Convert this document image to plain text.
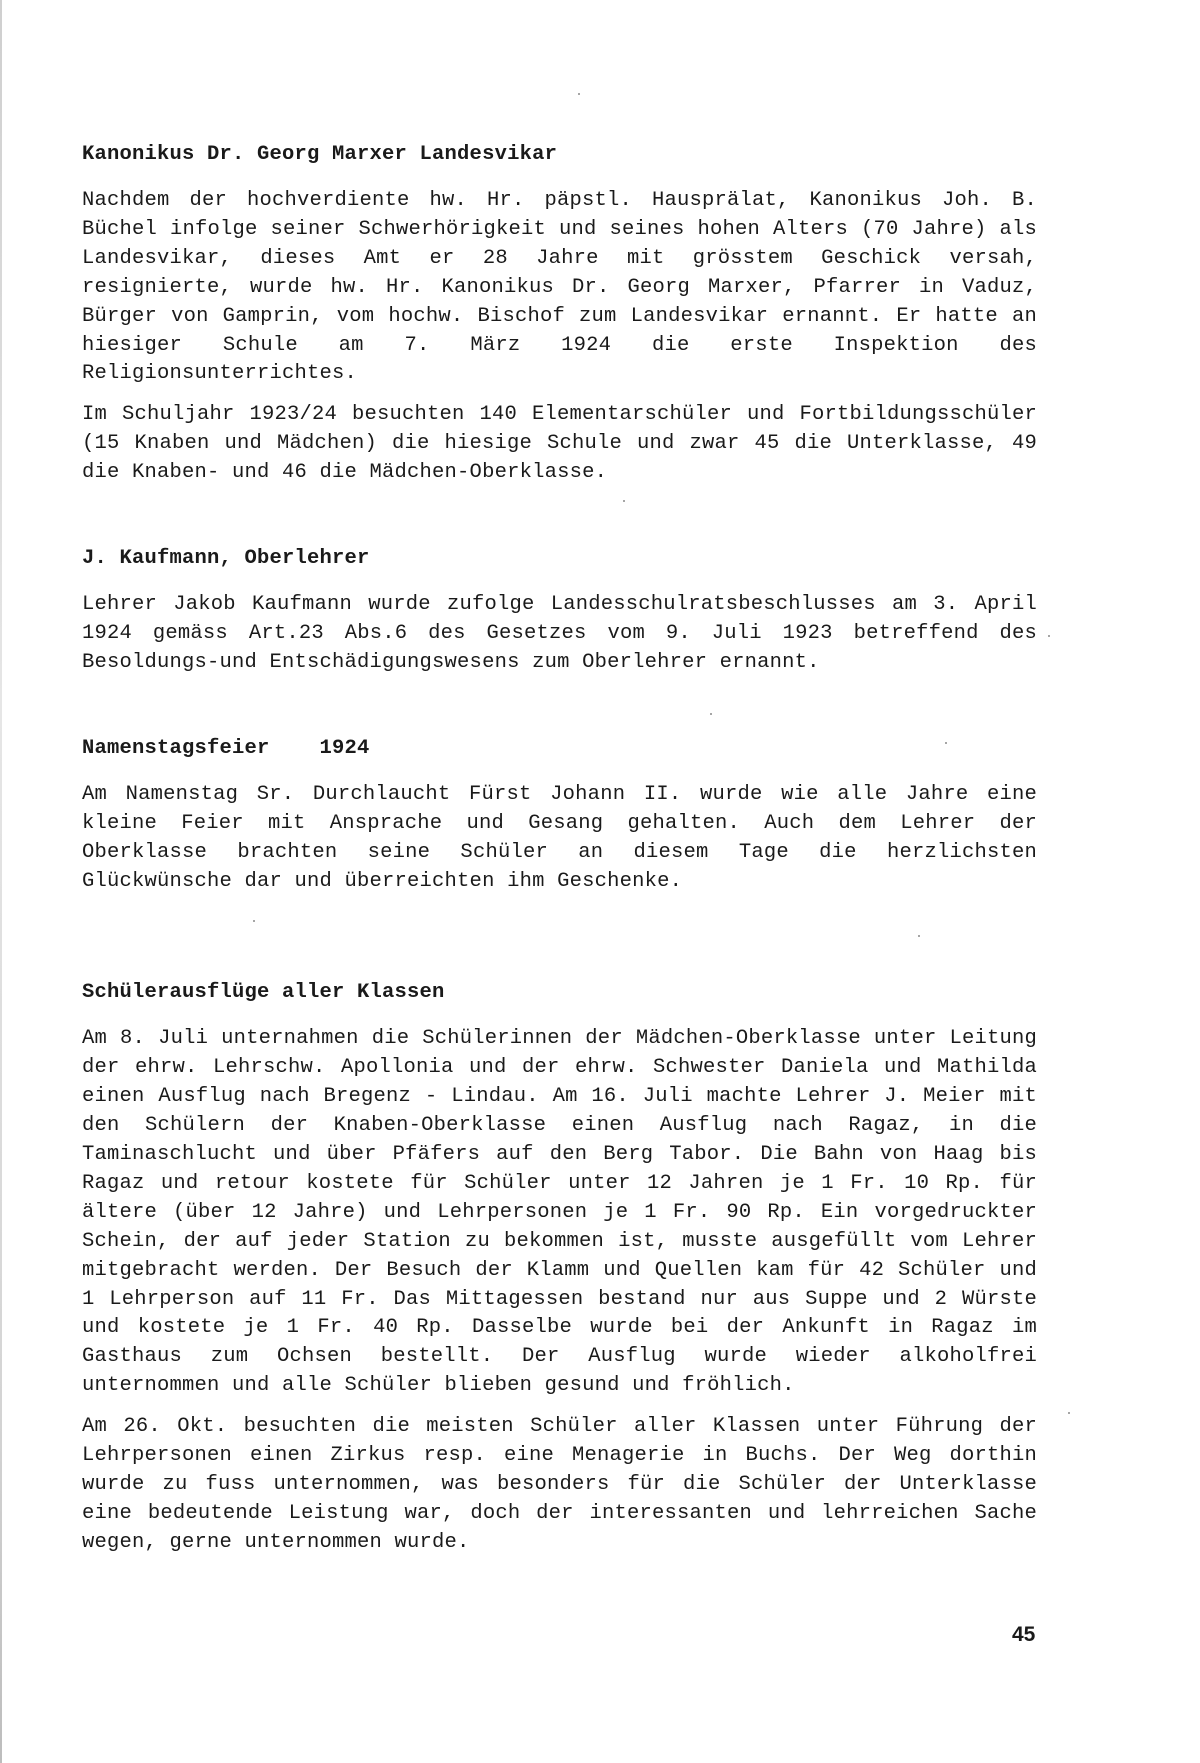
Kanonikus Dr. Georg Marxer Landesvikar

Nachdem der hochverdiente hw. Hr. päpstl. Hausprälat, Kanonikus Joh. B. Büchel infolge seiner Schwerhörigkeit und seines hohen Alters (70 Jahre) als Landesvikar, dieses Amt er 28 Jahre mit grösstem Geschick versah, resignierte, wurde hw. Hr. Kanonikus Dr. Georg Marxer, Pfarrer in Vaduz, Bürger von Gamprin, vom hochw. Bischof zum Landesvikar ernannt. Er hatte an hiesiger Schule am 7. März 1924 die erste Inspektion des Religionsunterrichtes.

Im Schuljahr 1923/24 besuchten 140 Elementarschüler und Fortbildungsschüler (15 Knaben und Mädchen) die hiesige Schule und zwar 45 die Unterklasse, 49 die Knaben- und 46 die Mädchen-Oberklasse.

J. Kaufmann, Oberlehrer

Lehrer Jakob Kaufmann wurde zufolge Landesschulratsbeschlusses am 3. April 1924 gemäss Art.23 Abs.6 des Gesetzes vom 9. Juli 1923 betreffend des Besoldungs-und Entschädigungswesens zum Oberlehrer ernannt.

Namenstagsfeier    1924

Am Namenstag Sr. Durchlaucht Fürst Johann II. wurde wie alle Jahre eine kleine Feier mit Ansprache und Gesang gehalten. Auch dem Lehrer der Oberklasse brachten seine Schüler an diesem Tage die herzlichsten Glückwünsche dar und überreichten ihm Geschenke.

Schülerausflüge aller Klassen

Am 8. Juli unternahmen die Schülerinnen der Mädchen-Oberklasse unter Leitung der ehrw. Lehrschw. Apollonia und der ehrw. Schwester Daniela und Mathilda einen Ausflug nach Bregenz - Lindau. Am 16. Juli machte Lehrer J. Meier mit den Schülern der Knaben-Oberklasse einen Ausflug nach Ragaz, in die Taminaschlucht und über Pfäfers auf den Berg Tabor. Die Bahn von Haag bis Ragaz und retour kostete für Schüler unter 12 Jahren je 1 Fr. 10 Rp. für ältere (über 12 Jahre) und Lehrpersonen je 1 Fr. 90 Rp. Ein vorgedruckter Schein, der auf jeder Station zu bekommen ist, musste ausgefüllt vom Lehrer mitgebracht werden. Der Besuch der Klamm und Quellen kam für 42 Schüler und 1 Lehrperson auf 11 Fr. Das Mittagessen bestand nur aus Suppe und 2 Würste und kostete je 1 Fr. 40 Rp. Dasselbe wurde bei der Ankunft in Ragaz im Gasthaus zum Ochsen bestellt. Der Ausflug wurde wieder alkoholfrei unternommen und alle Schüler blieben gesund und fröhlich.

Am 26. Okt. besuchten die meisten Schüler aller Klassen unter Führung der Lehrpersonen einen Zirkus resp. eine Menagerie in Buchs. Der Weg dorthin wurde zu fuss unternommen, was besonders für die Schüler der Unterklasse eine bedeutende Leistung war, doch der interessanten und lehrreichen Sache wegen, gerne unternommen wurde.

45
